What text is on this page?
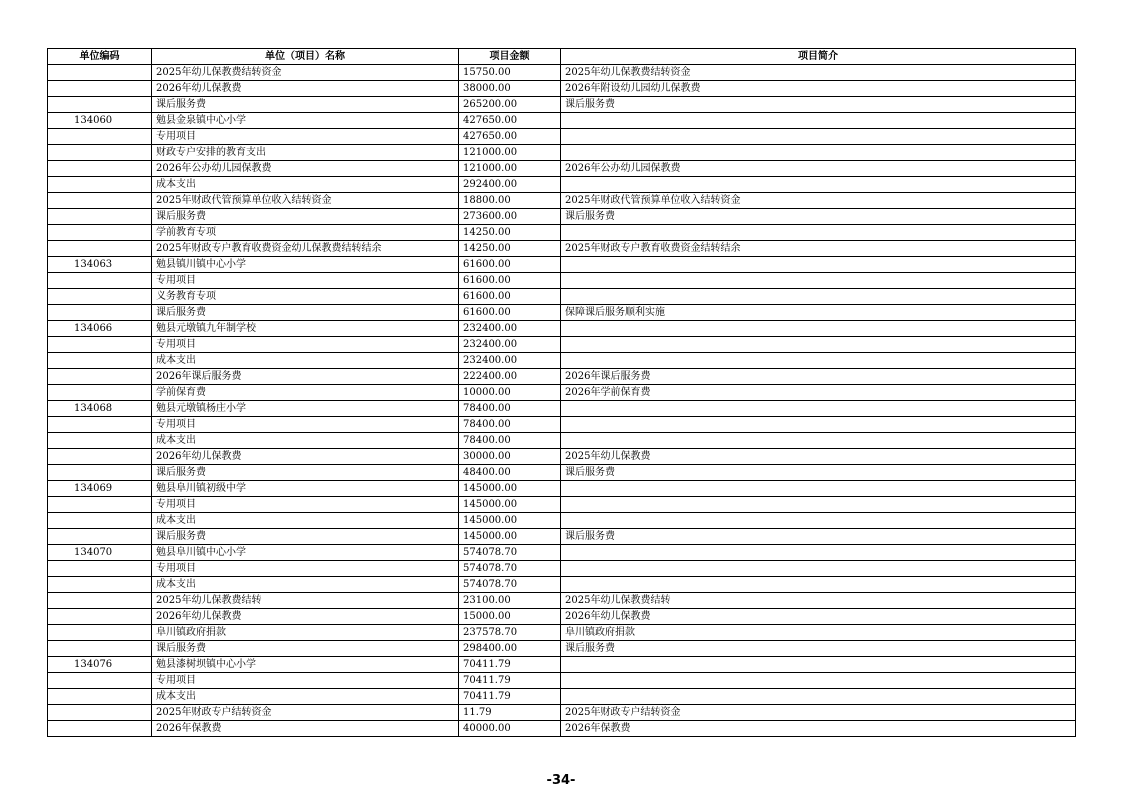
单位编码	单位（项目）名称	项目金额	项目简介
	2025年幼儿保教费结转资金	15750.00	2025年幼儿保教费结转资金
	2026年幼儿保教费	38000.00	2026年附设幼儿园幼儿保教费
	课后服务费	265200.00	课后服务费
134060	勉县金泉镇中心小学	427650.00	
	专用项目	427650.00	
	财政专户安排的教育支出	121000.00	
	2026年公办幼儿园保教费	121000.00	2026年公办幼儿园保教费
	成本支出	292400.00	
	2025年财政代管预算单位收入结转资金	18800.00	2025年财政代管预算单位收入结转资金
	课后服务费	273600.00	课后服务费
	学前教育专项	14250.00	
	2025年财政专户教育收费资金幼儿保教费结转结余	14250.00	2025年财政专户教育收费资金结转结余
134063	勉县镇川镇中心小学	61600.00	
	专用项目	61600.00	
	义务教育专项	61600.00	
	课后服务费	61600.00	保障课后服务顺利实施
134066	勉县元墩镇九年制学校	232400.00	
	专用项目	232400.00	
	成本支出	232400.00	
	2026年课后服务费	222400.00	2026年课后服务费
	学前保育费	10000.00	2026年学前保育费
134068	勉县元墩镇杨庄小学	78400.00	
	专用项目	78400.00	
	成本支出	78400.00	
	2026年幼儿保教费	30000.00	2025年幼儿保教费
	课后服务费	48400.00	课后服务费
134069	勉县阜川镇初级中学	145000.00	
	专用项目	145000.00	
	成本支出	145000.00	
	课后服务费	145000.00	课后服务费
134070	勉县阜川镇中心小学	574078.70	
	专用项目	574078.70	
	成本支出	574078.70	
	2025年幼儿保教费结转	23100.00	2025年幼儿保教费结转
	2026年幼儿保教费	15000.00	2026年幼儿保教费
	阜川镇政府捐款	237578.70	阜川镇政府捐款
	课后服务费	298400.00	课后服务费
134076	勉县漆树坝镇中心小学	70411.79	
	专用项目	70411.79	
	成本支出	70411.79	
	2025年财政专户结转资金	11.79	2025年财政专户结转资金
	2026年保教费	40000.00	2026年保教费
-34-
